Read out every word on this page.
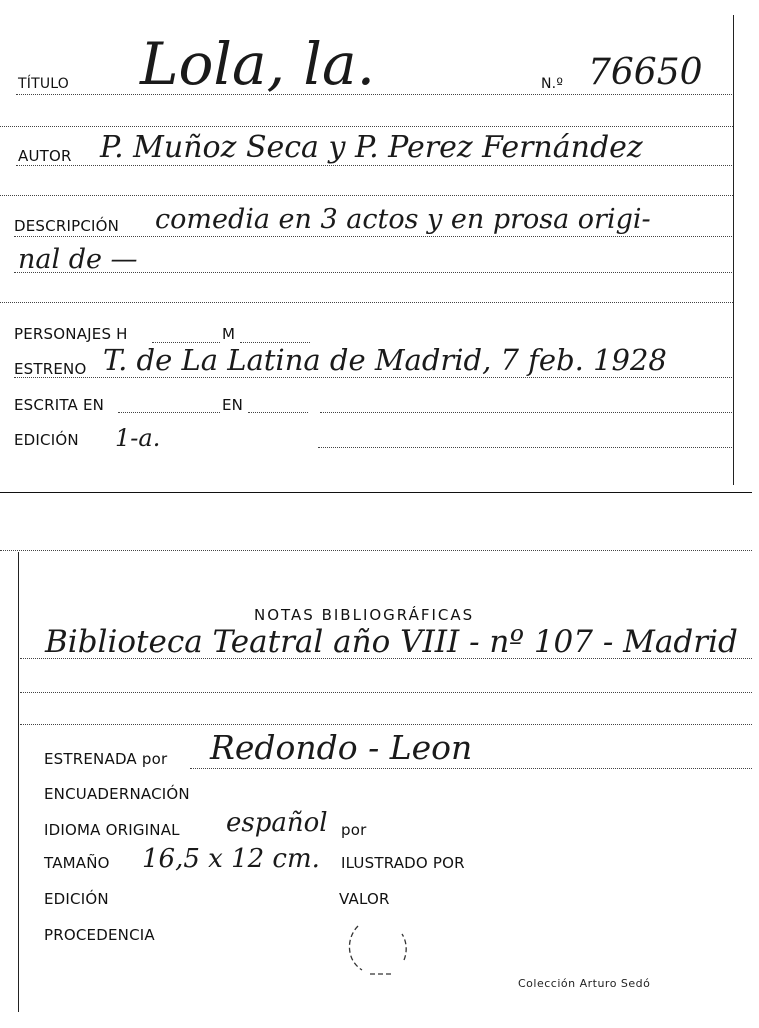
TÍTULO Lola, la.	N.º 76650
AUTOR P. Muñoz Seca y P. Perez Fernández
DESCRIPCIÓN comedia en 3 actos y en prosa origi-
nal de —
PERSONAJES H	M
ESTRENO T. de La Latina de Madrid, 7 feb. 1928
ESCRITA EN	EN
EDICIÓN 1-a.
NOTAS BIBLIOGRÁFICAS
Biblioteca Teatral año VIII - nº 107 - Madrid
ESTRENADA por Redondo - Leon
ENCUADERNACIÓN
IDIOMA ORIGINAL español por
TAMAÑO 16,5 x 12 cm. ILUSTRADO POR
EDICIÓN	VALOR
PROCEDENCIA
Colección Arturo Sedó
